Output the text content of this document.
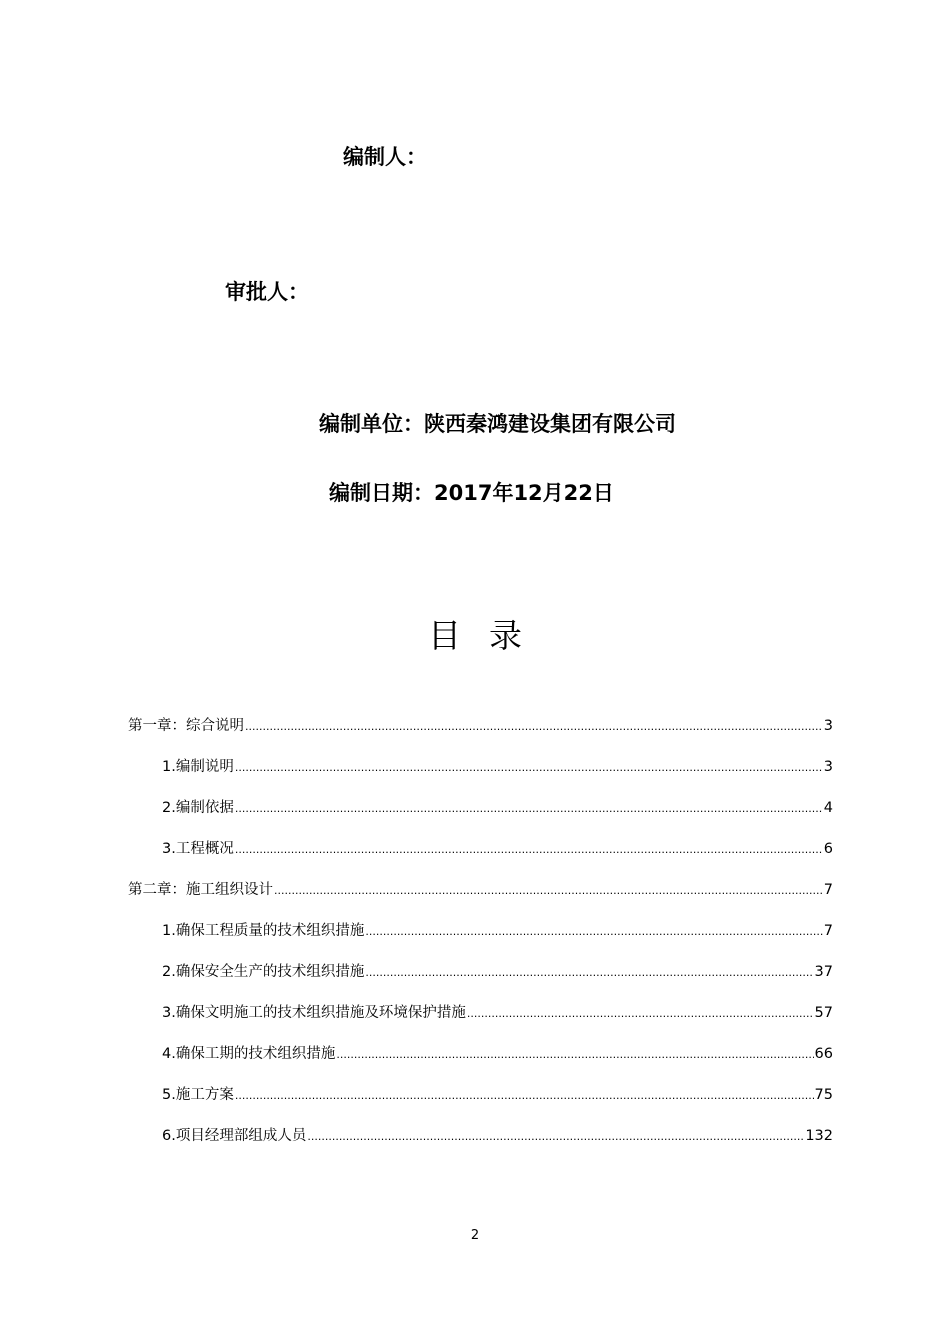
编制人：
审批人：
编制单位：陕西秦鸿建设集团有限公司
编制日期：2017年12月22日
目录
第一章：综合说明 .....	3
1.编制说明 .....	3
2.编制依据 .....	4
3.工程概况 .....	6
第二章：施工组织设计 .....	7
1.确保工程质量的技术组织措施 .....	7
2.确保安全生产的技术组织措施 .....	37
3.确保文明施工的技术组织措施及环境保护措施 .....	57
4.确保工期的技术组织措施 .....	66
5.施工方案 .....	75
6.项目经理部组成人员 .....	132
2
